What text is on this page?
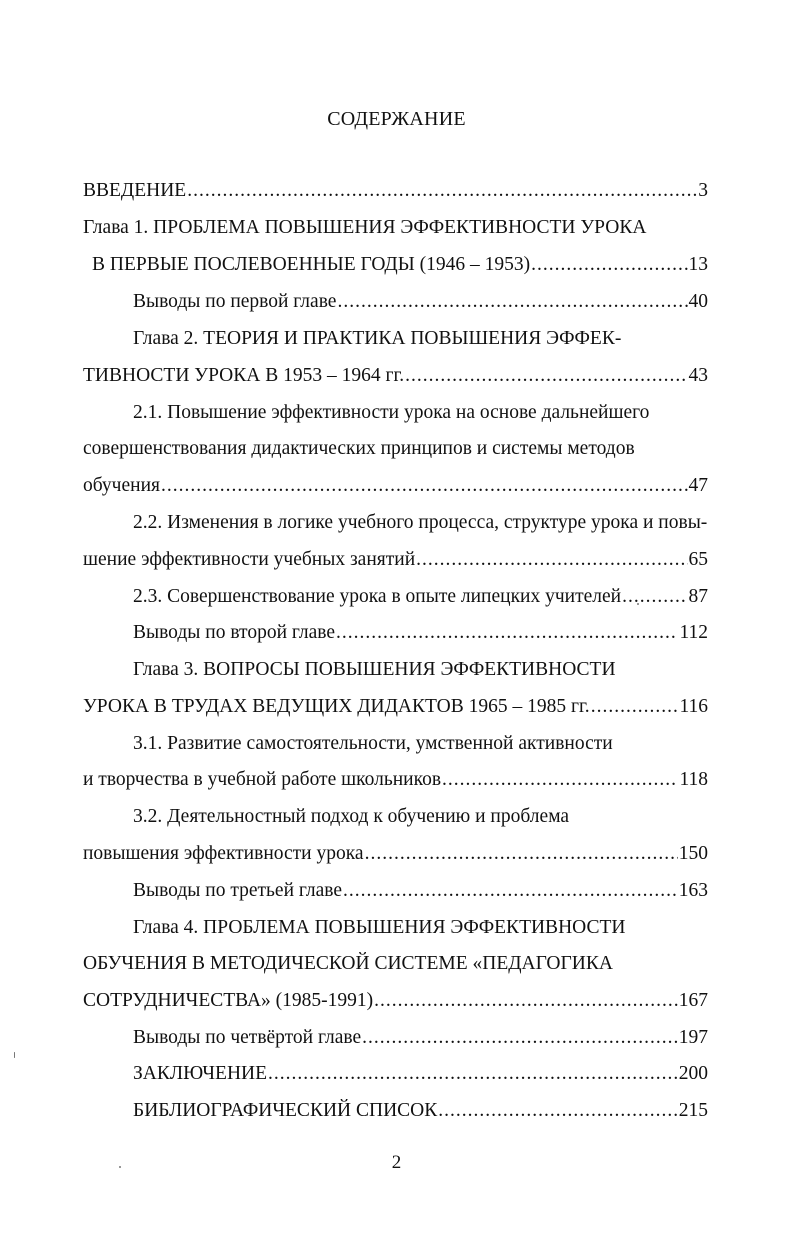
СОДЕРЖАНИЕ
ВВЕДЕНИЕ .....	3
Глава 1. ПРОБЛЕМА ПОВЫШЕНИЯ ЭФФЕКТИВНОСТИ УРОКА
В ПЕРВЫЕ ПОСЛЕВОЕННЫЕ ГОДЫ (1946 – 1953) .....	13
Выводы по первой главе .....	40
Глава 2. ТЕОРИЯ И ПРАКТИКА ПОВЫШЕНИЯ ЭФФЕК-
ТИВНОСТИ УРОКА В 1953 – 1964 гг. .....	43
2.1. Повышение эффективности урока на основе дальнейшего
совершенствования дидактических принципов и системы методов
обучения .....	47
2.2. Изменения в логике учебного процесса, структуре урока и повы-
шение эффективности учебных занятий .....	65
2.3. Совершенствование урока в опыте липецких учителей .....	87
Выводы по второй главе .....	112
Глава 3. ВОПРОСЫ ПОВЫШЕНИЯ ЭФФЕКТИВНОСТИ
УРОКА В ТРУДАХ ВЕДУЩИХ ДИДАКТОВ 1965 – 1985 гг. .....	116
3.1. Развитие самостоятельности, умственной активности
и творчества в учебной работе школьников .....	118
3.2. Деятельностный подход к обучению и проблема
повышения эффективности урока .....	150
Выводы по третьей главе .....	163
Глава 4. ПРОБЛЕМА ПОВЫШЕНИЯ ЭФФЕКТИВНОСТИ
ОБУЧЕНИЯ В МЕТОДИЧЕСКОЙ СИСТЕМЕ «ПЕДАГОГИКА
СОТРУДНИЧЕСТВА» (1985-1991) .....	167
Выводы по четвёртой главе .....	197
ЗАКЛЮЧЕНИЕ .....	200
БИБЛИОГРАФИЧЕСКИЙ СПИСОК .....	215
2
